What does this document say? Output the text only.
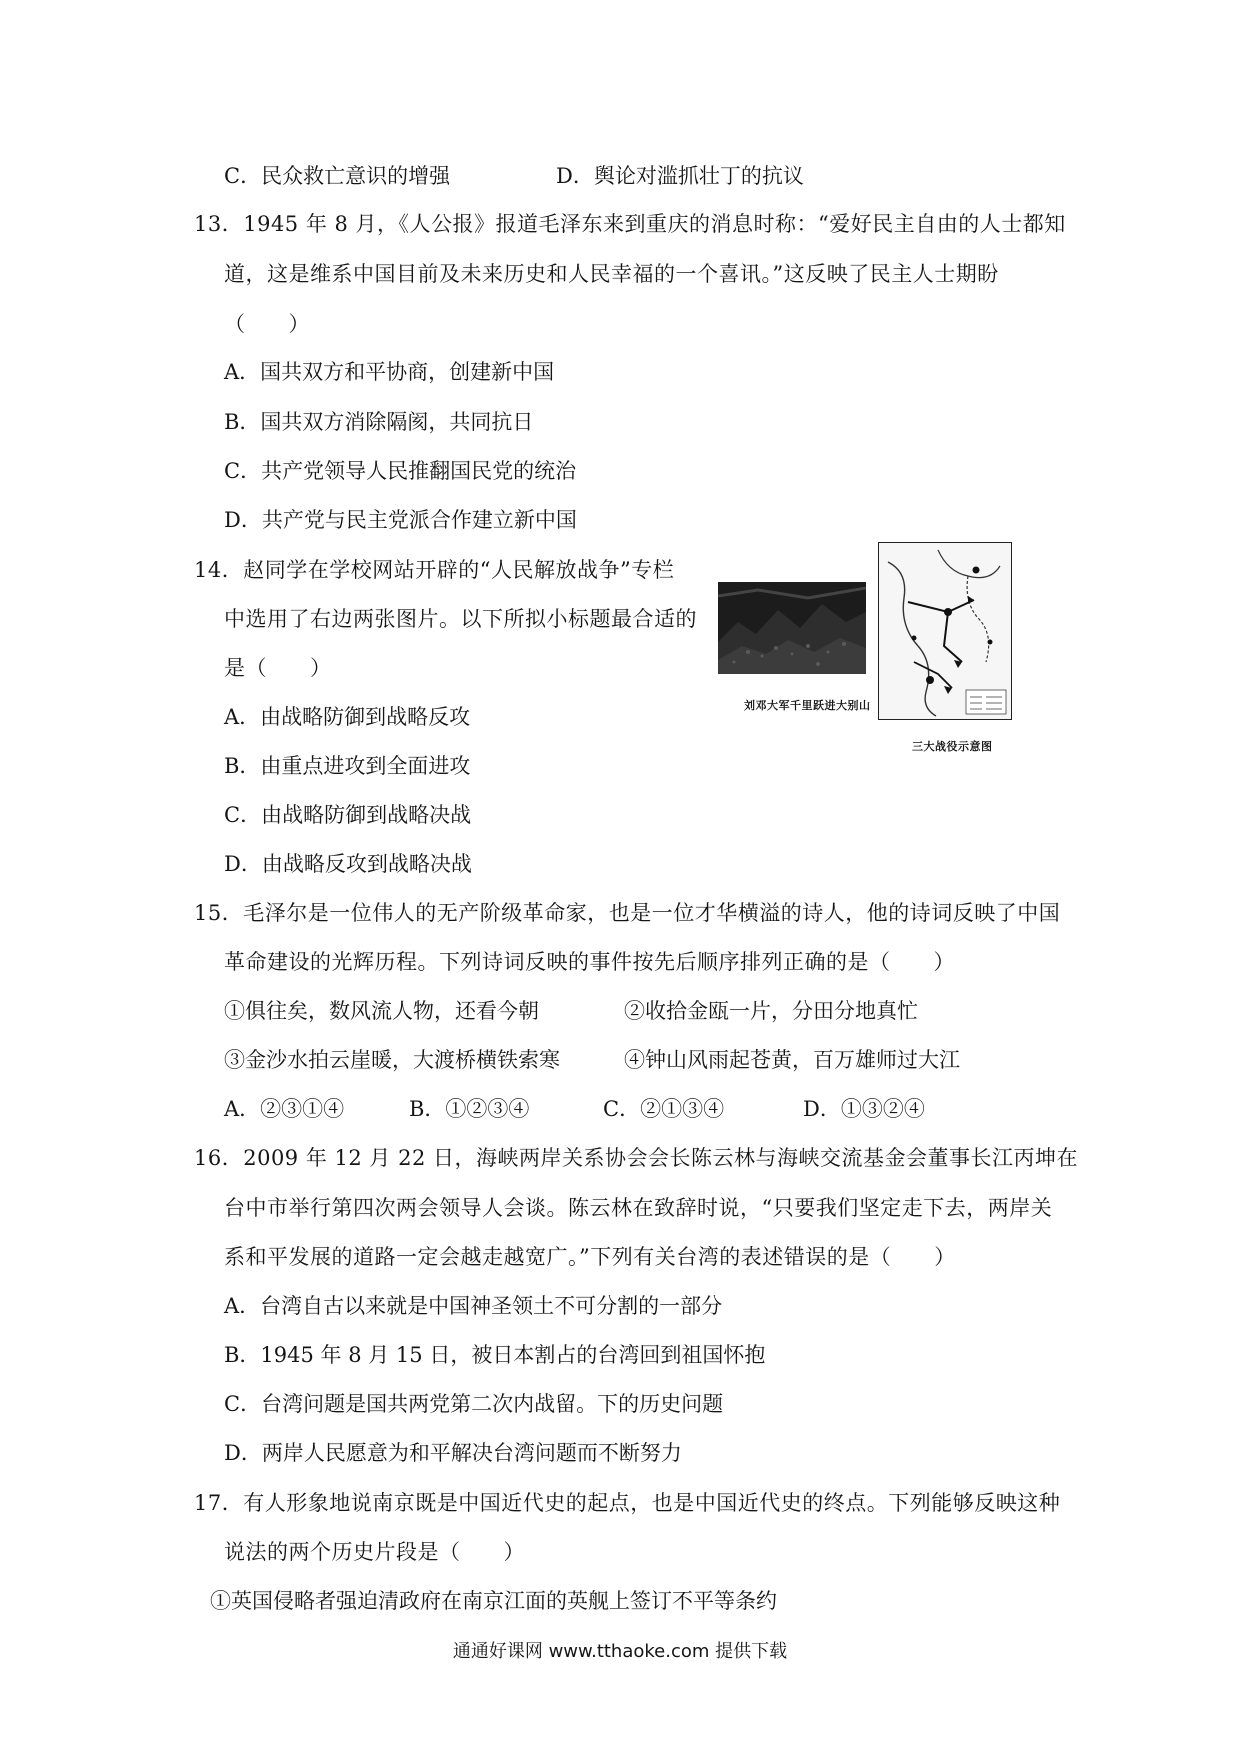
C．民众救亡意识的增强	D．舆论对滥抓壮丁的抗议
13．1945 年 8 月，《人公报》报道毛泽东来到重庆的消息时称：“爱好民主自由的人士都知
道，这是维系中国目前及未来历史和人民幸福的一个喜讯。”这反映了民主人士期盼
（　　）
A．国共双方和平协商，创建新中国
B．国共双方消除隔阂，共同抗日
C．共产党领导人民推翻国民党的统治
D．共产党与民主党派合作建立新中国
14．赵同学在学校网站开辟的“人民解放战争”专栏
中选用了右边两张图片。以下所拟小标题最合适的
是（　　）
A．由战略防御到战略反攻
B．由重点进攻到全面进攻
C．由战略防御到战略决战
D．由战略反攻到战略决战
刘邓大军千里跃进大别山
三大战役示意图
15．毛泽尔是一位伟人的无产阶级革命家，也是一位才华横溢的诗人，他的诗词反映了中国
革命建设的光辉历程。下列诗词反映的事件按先后顺序排列正确的是（　　）
①俱往矣，数风流人物，还看今朝	②收拾金瓯一片，分田分地真忙
③金沙水拍云崖暖，大渡桥横铁索寒	④钟山风雨起苍黄，百万雄师过大江
A．②③①④	B．①②③④	C．②①③④	D．①③②④
16．2009 年 12 月 22 日，海峡两岸关系协会会长陈云林与海峡交流基金会董事长江丙坤在
台中市举行第四次两会领导人会谈。陈云林在致辞时说，“只要我们坚定走下去，两岸关
系和平发展的道路一定会越走越宽广。”下列有关台湾的表述错误的是（　　）
A．台湾自古以来就是中国神圣领土不可分割的一部分
B．1945 年 8 月 15 日，被日本割占的台湾回到祖国怀抱
C．台湾问题是国共两党第二次内战留。下的历史问题
D．两岸人民愿意为和平解决台湾问题而不断努力
17．有人形象地说南京既是中国近代史的起点，也是中国近代史的终点。下列能够反映这种
说法的两个历史片段是（　　）
①英国侵略者强迫清政府在南京江面的英舰上签订不平等条约
通通好课网 www.tthaoke.com 提供下载
